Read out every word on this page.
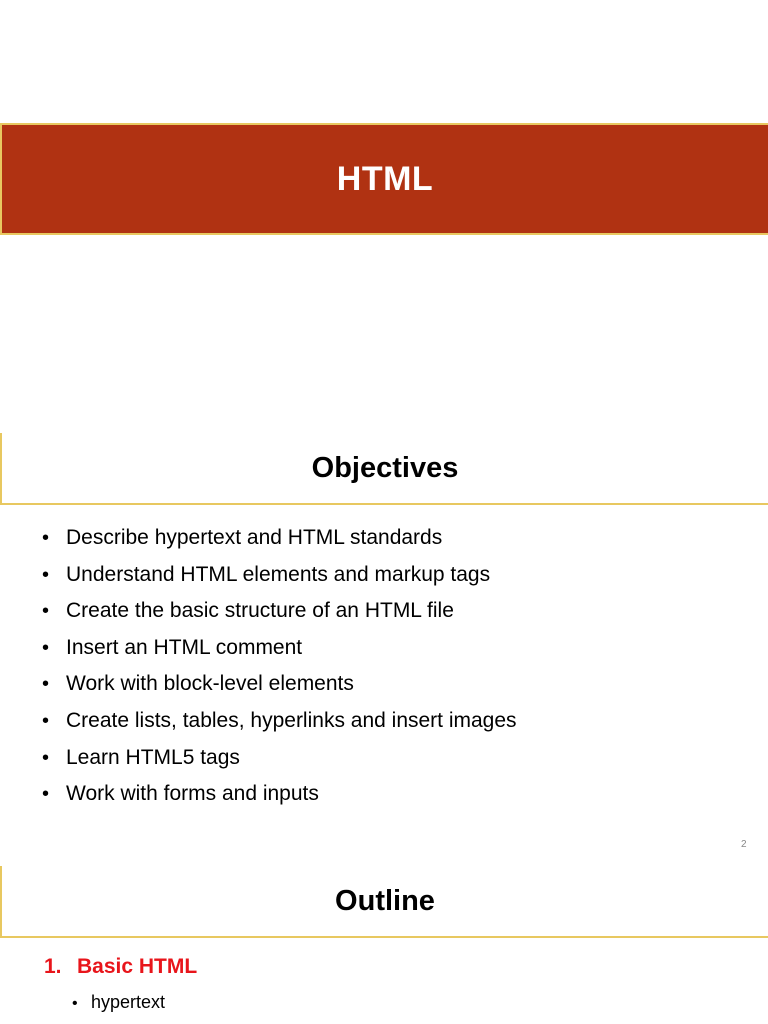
HTML
Objectives
• Describe hypertext and HTML standards
• Understand HTML elements and markup tags
• Create the basic structure of an HTML file
• Insert an HTML comment
• Work with block-level elements
• Create lists, tables, hyperlinks and insert images
• Learn HTML5 tags
• Work with forms and inputs
2
Outline
1. Basic HTML
• hypertext
